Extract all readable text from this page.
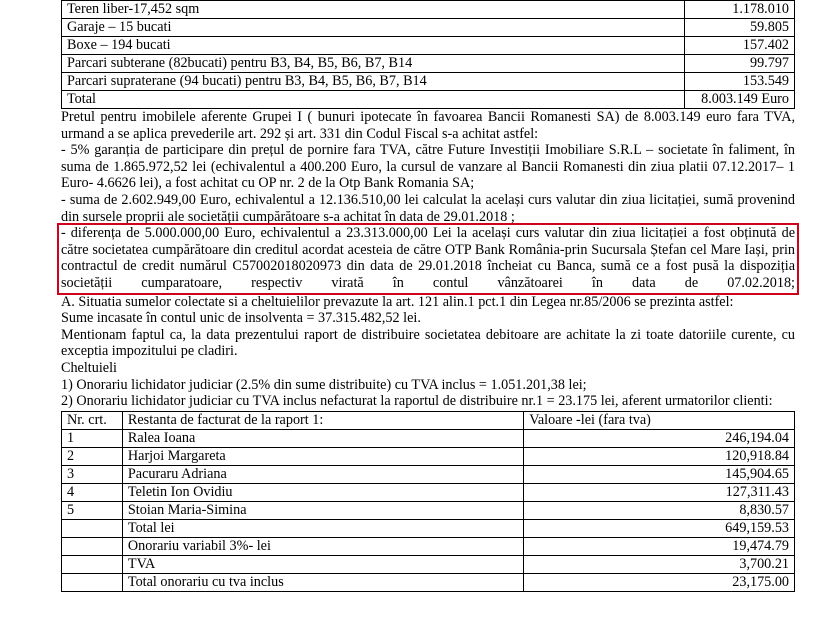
Teren liber-17,452 sqm	1.178.010
Garaje – 15 bucati	59.805
Boxe – 194 bucati	157.402
Parcari subterane (82bucati) pentru B3, B4, B5, B6, B7, B14	99.797
Parcari supraterane (94 bucati) pentru B3, B4, B5, B6, B7, B14	153.549
Total	8.003.149 Euro

Pretul pentru imobilele aferente Grupei I ( bunuri ipotecate în favoarea Bancii Romanesti SA) de 8.003.149 euro fara TVA, urmand a se aplica prevederile art. 292 și art. 331 din Codul Fiscal s-a achitat astfel:

- 5% garanția de participare din prețul de pornire fara TVA, către Future Investiții Imobiliare S.R.L – societate în faliment, în suma de 1.865.972,52 lei (echivalentul a 400.200 Euro, la cursul de vanzare al Bancii Romanesti din ziua platii 07.12.2017– 1 Euro- 4.6626 lei), a fost achitat cu OP nr. 2 de la Otp Bank Romania SA;

- suma de 2.602.949,00 Euro, echivalentul a 12.136.510,00 lei calculat la același curs valutar din ziua licitației, sumă provenind din sursele proprii ale societății cumpărătoare s-a achitat în data de 29.01.2018 ;

- diferența de 5.000.000,00 Euro, echivalentul a 23.313.000,00 Lei la același curs valutar din ziua licitației a fost obținută de către societatea cumpărătoare din creditul acordat acesteia de către OTP Bank România-prin Sucursala Ștefan cel Mare Iași, prin contractul de credit numărul C57002018020973 din data de 29.01.2018 încheiat cu Banca, sumă ce a fost pusă la dispoziția societății cumparatoare, respectiv virată în contul vânzătoarei în data de 07.02.2018;

A. Situatia sumelor colectate si a cheltuielilor prevazute la art. 121 alin.1 pct.1 din Legea nr.85/2006 se prezinta astfel:

Sume incasate în contul unic de insolventa = 37.315.482,52 lei.

Mentionam faptul ca, la data prezentului raport de distribuire societatea debitoare are achitate la zi toate datoriile curente, cu exceptia impozitului pe cladiri.

Cheltuieli

1) Onorariu lichidator judiciar (2.5% din sume distribuite) cu TVA inclus = 1.051.201,38 lei;

2) Onorariu lichidator judiciar cu TVA inclus nefacturat la raportul de distribuire nr.1 = 23.175 lei, aferent urmatorilor clienti:

Nr. crt.	Restanta de facturat de la raport 1:	Valoare -lei (fara tva)
1	Ralea Ioana	246,194.04
2	Harjoi Margareta	120,918.84
3	Pacuraru Adriana	145,904.65
4	Teletin Ion Ovidiu	127,311.43
5	Stoian Maria-Simina	8,830.57
	Total lei	649,159.53
	Onorariu variabil 3%- lei	19,474.79
	TVA	3,700.21
	Total onorariu cu tva inclus	23,175.00
